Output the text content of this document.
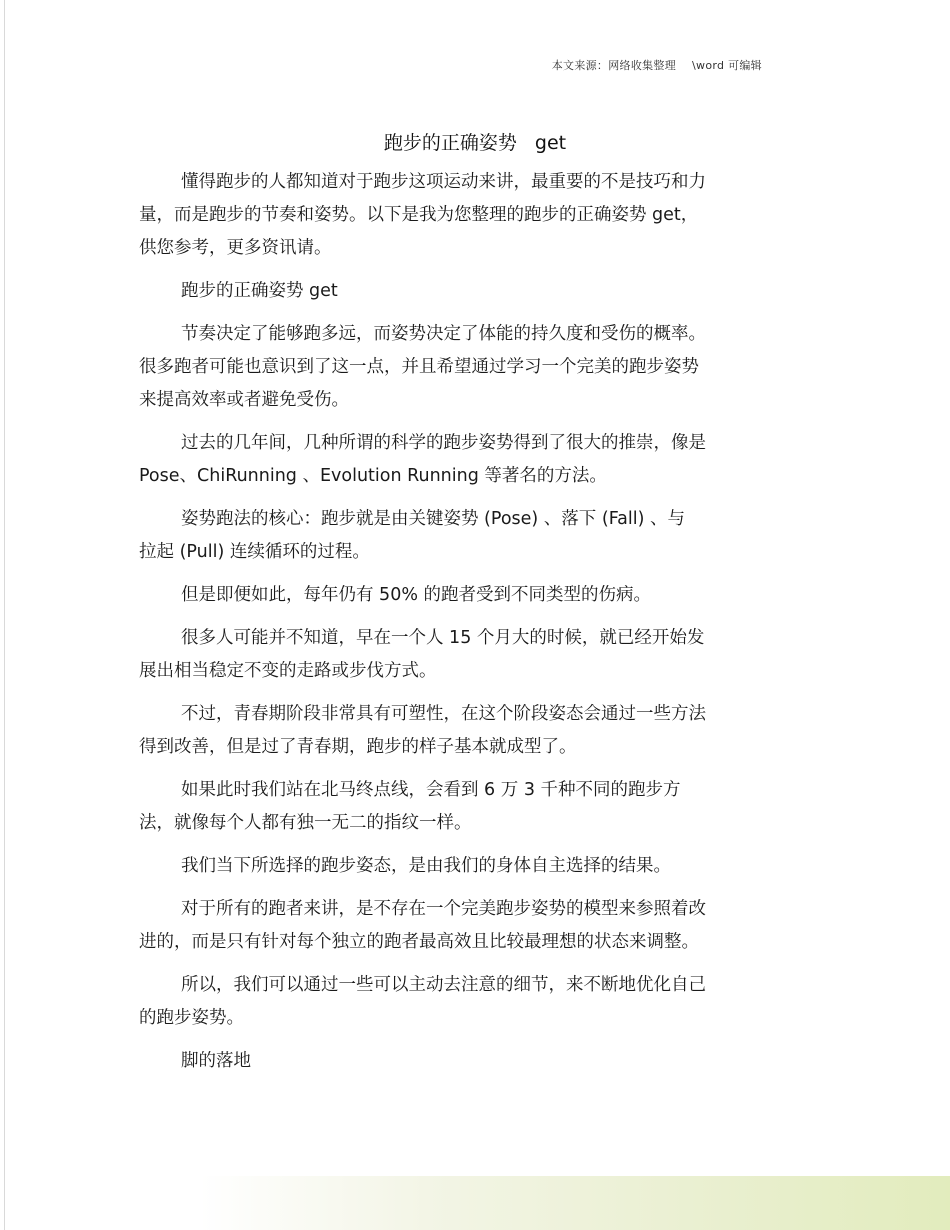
本文来源：网络收集整理 \word 可编辑
跑步的正确姿势 get

懂得跑步的人都知道对于跑步这项运动来讲，最重要的不是技巧和力
量，而是跑步的节奏和姿势。以下是我为您整理的跑步的正确姿势 get，
供您参考，更多资讯请。

跑步的正确姿势 get

节奏决定了能够跑多远，而姿势决定了体能的持久度和受伤的概率。
很多跑者可能也意识到了这一点，并且希望通过学习一个完美的跑步姿势
来提高效率或者避免受伤。

过去的几年间，几种所谓的科学的跑步姿势得到了很大的推崇，像是
Pose、ChiRunning 、Evolution Running 等著名的方法。

姿势跑法的核心：跑步就是由关键姿势 (Pose) 、落下 (Fall) 、与
拉起 (Pull) 连续循环的过程。

但是即便如此，每年仍有 50% 的跑者受到不同类型的伤病。

很多人可能并不知道，早在一个人 15 个月大的时候，就已经开始发
展出相当稳定不变的走路或步伐方式。

不过，青春期阶段非常具有可塑性，在这个阶段姿态会通过一些方法
得到改善，但是过了青春期，跑步的样子基本就成型了。

如果此时我们站在北马终点线，会看到 6 万 3 千种不同的跑步方
法，就像每个人都有独一无二的指纹一样。

我们当下所选择的跑步姿态，是由我们的身体自主选择的结果。

对于所有的跑者来讲，是不存在一个完美跑步姿势的模型来参照着改
进的，而是只有针对每个独立的跑者最高效且比较最理想的状态来调整。

所以，我们可以通过一些可以主动去注意的细节，来不断地优化自己
的跑步姿势。

脚的落地
